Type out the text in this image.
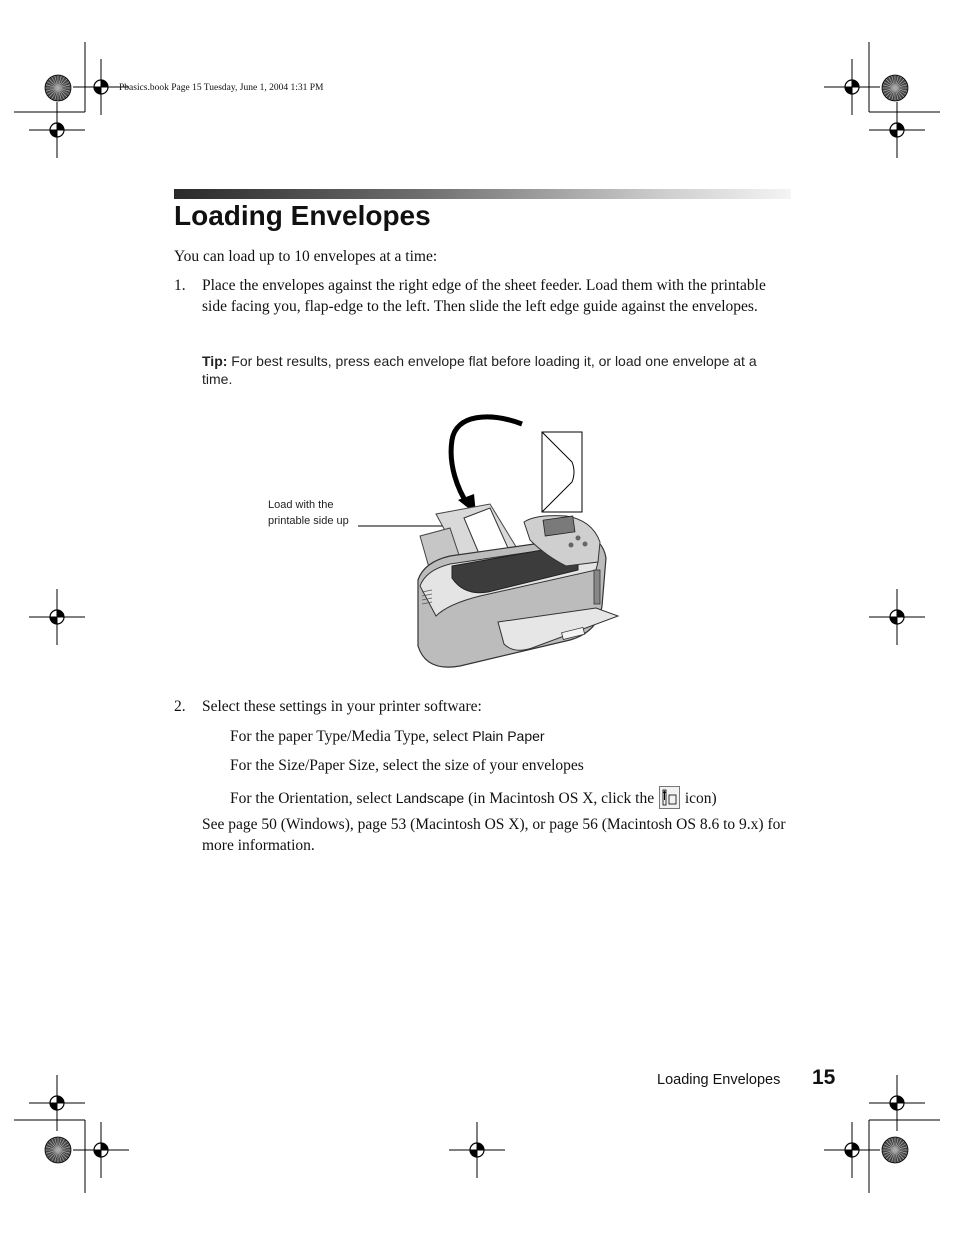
Pbasics.book Page 15 Tuesday, June 1, 2004 1:31 PM
Loading Envelopes
You can load up to 10 envelopes at a time:
1. Place the envelopes against the right edge of the sheet feeder. Load them with the printable side facing you, flap-edge to the left. Then slide the left edge guide against the envelopes.
Tip: For best results, press each envelope flat before loading it, or load one envelope at a time.
Load with the printable side up
2. Select these settings in your printer software:
For the paper Type/Media Type, select Plain Paper
For the Size/Paper Size, select the size of your envelopes
For the Orientation, select Landscape (in Macintosh OS X, click the  icon)
See page 50 (Windows), page 53 (Macintosh OS X), or page 56 (Macintosh OS 8.6 to 9.x) for more information.
Loading Envelopes 15
